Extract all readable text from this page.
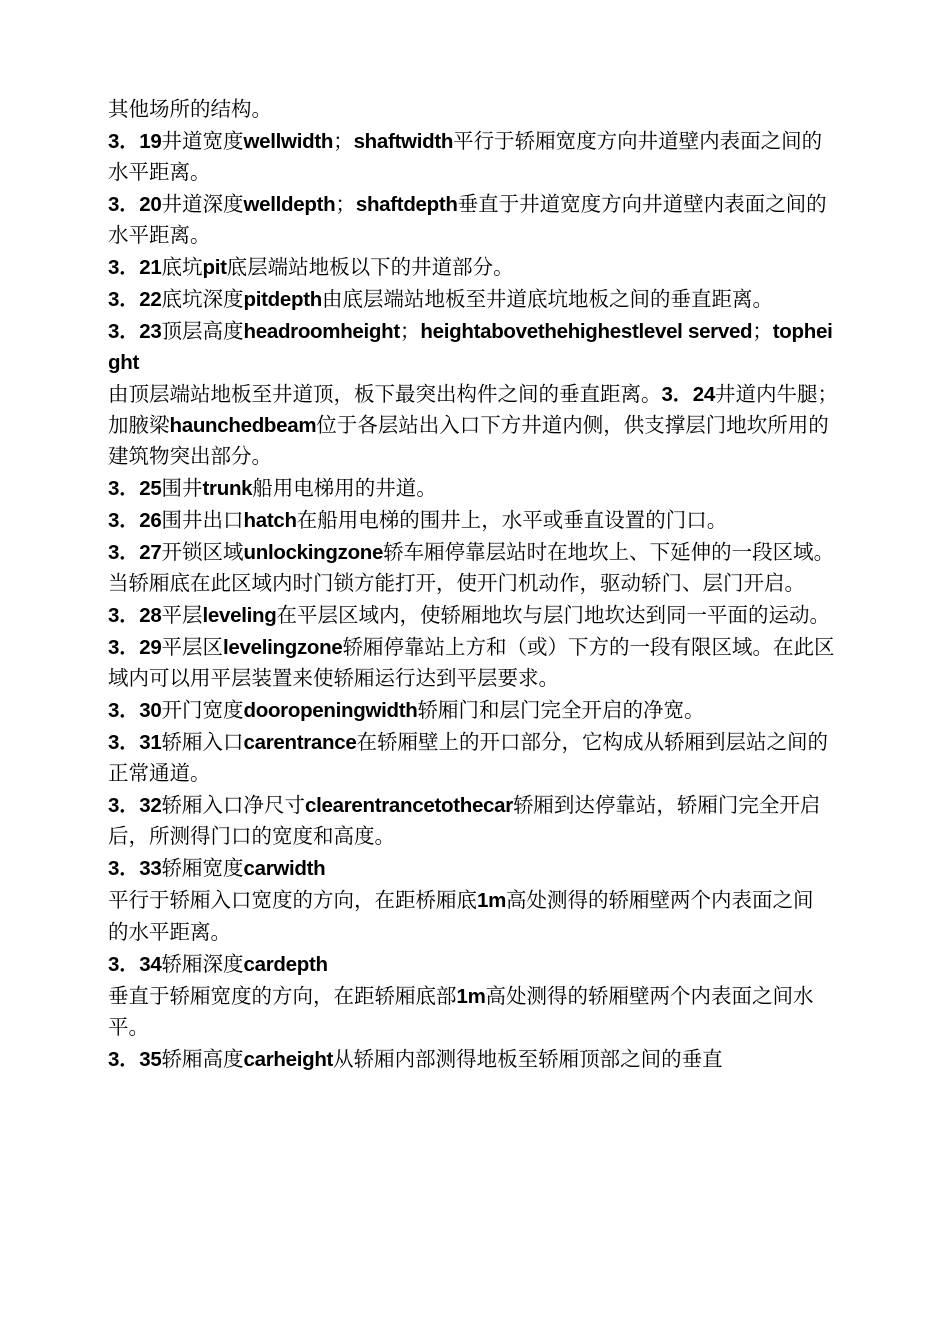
其他场所的结构。

3．19井道宽度wellwidth；shaftwidth平行于轿厢宽度方向井道壁内表面之间的水平距离。

3．20井道深度welldepth；shaftdepth垂直于井道宽度方向井道壁内表面之间的水平距离。

3．21底坑pit底层端站地板以下的井道部分。

3．22底坑深度pitdepth由底层端站地板至井道底坑地板之间的垂直距离。

3．23顶层高度headroomheight；heightabovethehighestlevel served；topheight

由顶层端站地板至井道顶，板下最突出构件之间的垂直距离。3．24井道内牛腿；加腋梁haunchedbeam位于各层站出入口下方井道内侧，供支撑层门地坎所用的建筑物突出部分。

3．25围井trunk船用电梯用的井道。

3．26围井出口hatch在船用电梯的围井上，水平或垂直设置的门口。

3．27开锁区域unlockingzone轿车厢停靠层站时在地坎上、下延伸的一段区域。当轿厢底在此区域内时门锁方能打开，使开门机动作，驱动轿门、层门开启。

3．28平层leveling在平层区域内，使轿厢地坎与层门地坎达到同一平面的运动。

3．29平层区levelingzone轿厢停靠站上方和（或）下方的一段有限区域。在此区域内可以用平层装置来使轿厢运行达到平层要求。

3．30开门宽度dooropeningwidth轿厢门和层门完全开启的净宽。

3．31轿厢入口carentrance在轿厢壁上的开口部分，它构成从轿厢到层站之间的正常通道。

3．32轿厢入口净尺寸clearentrancetothecar轿厢到达停靠站，轿厢门完全开启后，所测得门口的宽度和高度。

3．33轿厢宽度carwidth

平行于轿厢入口宽度的方向，在距桥厢底1m高处测得的轿厢壁两个内表面之间

的水平距离。

3．34轿厢深度cardepth

垂直于轿厢宽度的方向，在距轿厢底部1m高处测得的轿厢壁两个内表面之间水平。

3．35轿厢高度carheight从轿厢内部测得地板至轿厢顶部之间的垂直
